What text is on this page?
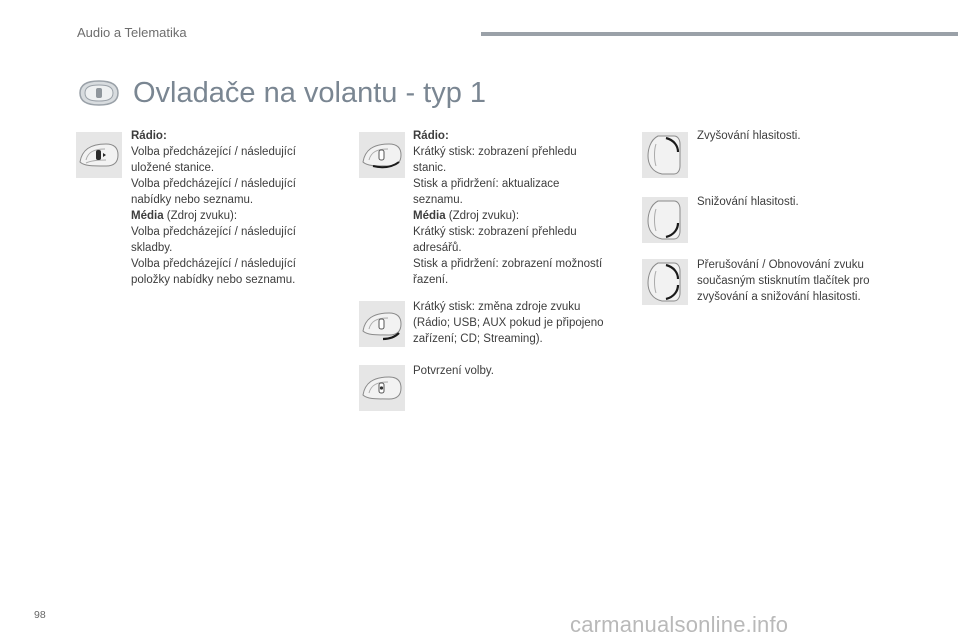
Audio a Telematika
Ovladače na volantu - typ 1
Rádio:
Volba předcházející / následující
uložené stanice.
Volba předcházející / následující
nabídky nebo seznamu.
Média (Zdroj zvuku):
Volba předcházející / následující
skladby.
Volba předcházející / následující
položky nabídky nebo seznamu.
Rádio:
Krátký stisk: zobrazení přehledu
stanic.
Stisk a přidržení: aktualizace
seznamu.
Média (Zdroj zvuku):
Krátký stisk: zobrazení přehledu
adresářů.
Stisk a přidržení: zobrazení možností
řazení.
Krátký stisk: změna zdroje zvuku
(Rádio; USB; AUX pokud je připojeno
zařízení; CD; Streaming).
Potvrzení volby.
Zvyšování hlasitosti.
Snižování hlasitosti.
Přerušování / Obnovování zvuku
současným stisknutím tlačítek pro
zvyšování a snižování hlasitosti.
98	carmanualsonline.info
